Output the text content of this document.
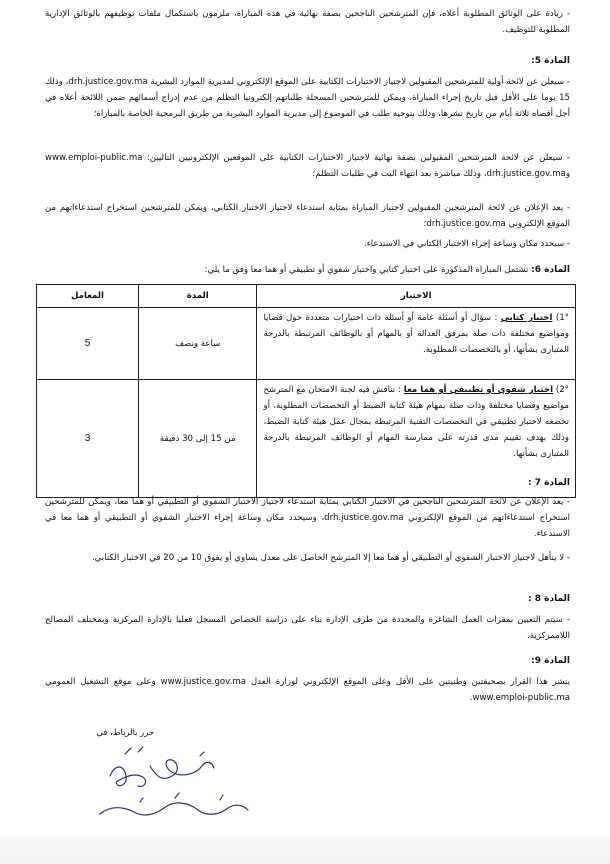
- زيادة على الوثائق المطلوبة أعلاه، فإن المترشحين الناجحين بصفة نهائية في هذه المباراة، ملزمون باستكمال ملفات توظيفهم بالوثائق الإدارية المطلوبة للتوظيف.
المادة 5:
- سيعلن عن لائحة أولية للمترشحين المقبولين لاجتياز الاختبارات الكتابية على الموقع الإلكتروني لمديرية الموارد البشرية drh.justice.gov.ma، وذلك 15 يوما على الأقل قبل تاريخ إجراء المباراة، ويمكن للمترشحين المسجلة طلباتهم إلكترونيا التظلم من عدم إدراج أسمائهم ضمن اللائحة أعلاه في أجل أقصاه ثلاثة أيام من تاريخ نشرها، وذلك بتوجيه طلب في الموضوع إلى مديرية الموارد البشرية من طريق البرمجية الخاصة بالمباراة؛
- سيعلن عن لائحة المترشحين المقبولين بصفة نهائية لاجتياز الاختبارات الكتابية على الموقعين الإلكترونيين التاليين: www.emploi-public.ma وdrh.justice.gov.ma، وذلك مباشرة بعد انتهاء البت في طلبات التظلم؛
- يعد الإعلان عن لائحة المترشحين المقبولين لاجتياز المباراة بمثابة استدعاء لاجتياز الاختبار الكتابي، ويمكن للمترشحين استخراج استدعاءاتهم من الموقع الإلكتروني drh.justice.gov.ma؛
- سيحدد مكان وساعة إجراء الاختبار الكتابي في الاستدعاء.
المادة 6: تشتمل المباراة المذكورة على اختبار كتابي واختبار شفوي أو تطبيقي أو هما معا وفق ما يلي:
الاختبار	المدة	المعامل
1°) اختبار كتابي : سؤال أو أسئلة عامة أو أسئلة ذات اختيارات متعددة حول قضايا ومواضيع مختلفة ذات صلة بمرفق العدالة أو بالمهام أو بالوظائف المرتبطة بالدرجة المتبارى بشأنها، أو بالتخصصات المطلوبة.	ساعة ونصف	5
2°) اختبار شفوي أو تطبيقي أو هما معا : تناقش فيه لجنة الامتحان مع المترشح مواضيع وقضايا مختلفة وذات صلة بمهام هيئة كتابة الضبط أو التخصصات المطلوبة، أو تخضعه لاختبار تطبيقي في التخصصات التقنية المرتبطة بمجال عمل هيئة كتابة الضبط، وذلك بهدف تقييم مدى قدرته على ممارسة المهام أو الوظائف المرتبطة بالدرجة المتبارى بشأنها.	من 15 إلى 30 دقيقة	3
المادة 7 :
- يعد الإعلان عن لائحة المترشحين الناجحين في الاختبار الكتابي بمثابة استدعاء لاجتياز الاختبار الشفوي أو التطبيقي أو هما معا، ويمكن للمترشحين استخراج استدعاءاتهم من الموقع الإلكتروني drh.justice.gov.ma، وسيحدد مكان وساعة إجراء الاختبار الشفوي أو التطبيقي أو هما معا في الاستدعاء.
- لا يتأهل لاجتياز الاختبار الشفوي أو التطبيقي أو هما معا إلا المترشح الحاصل على معدل يساوي أو يفوق 10 من 20 في الاختبار الكتابي.
المادة 8 :
- سيتم التعيين بمقرات العمل الشاغرة والمحددة من طرف الإدارة بناء على دراسة الخصاص المسجل فعليا بالإدارة المركزية وبمختلف المصالح اللاممركزية.
المادة 9:
ينشر هذا القرار بصحيفتين وطنيتين على الأقل وعلى الموقع الإلكتروني لوزارة العدل www.justice.gov.ma وعلى موقع التشغيل العمومي www.emploi-public.ma.
حرر بالرباط، في
